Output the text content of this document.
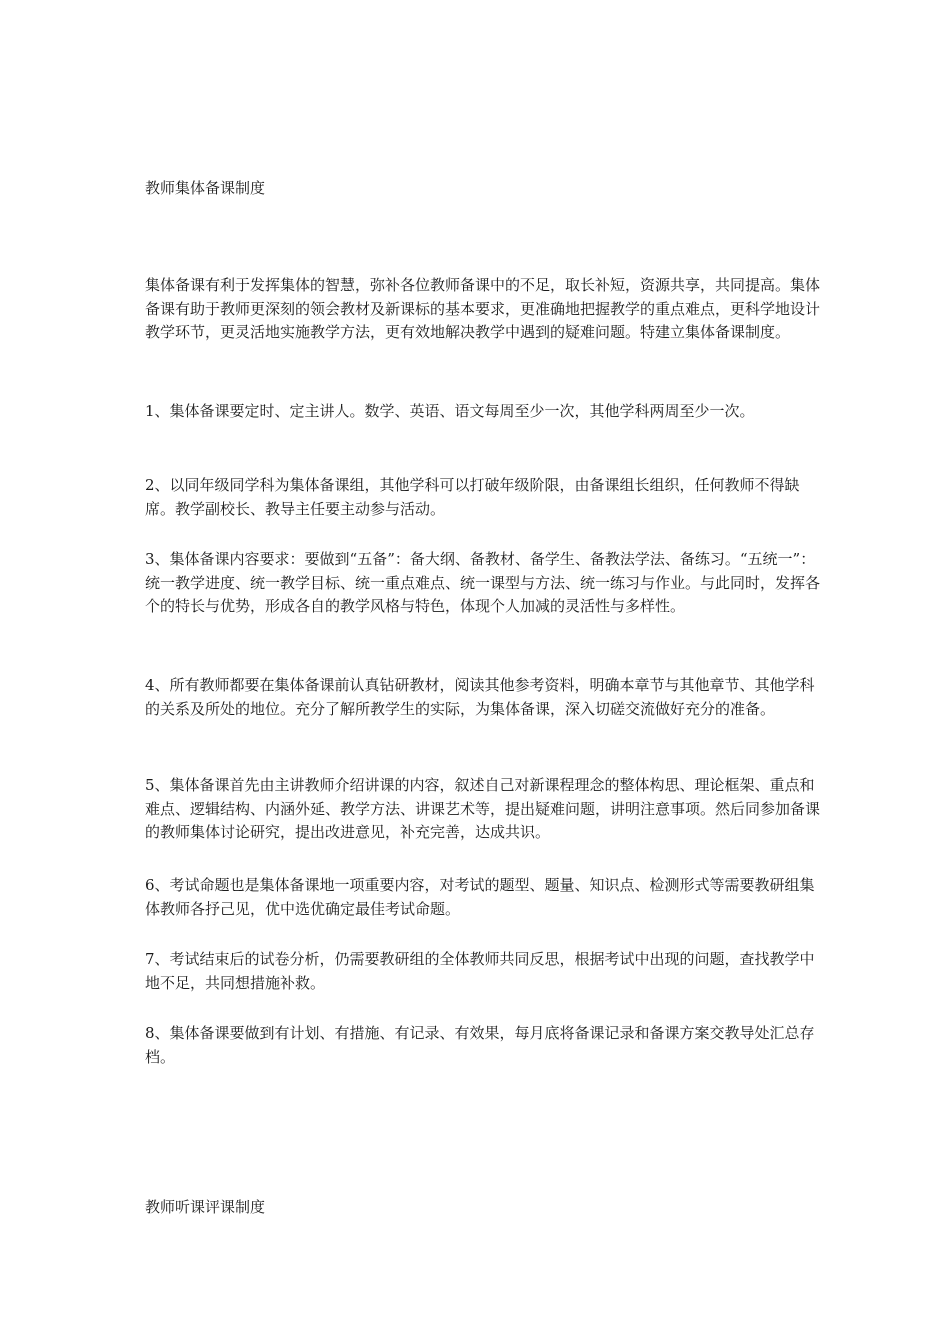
教师集体备课制度

集体备课有利于发挥集体的智慧，弥补各位教师备课中的不足，取长补短，资源共享，共同提高。集体备课有助于教师更深刻的领会教材及新课标的基本要求，更准确地把握教学的重点难点，更科学地设计教学环节，更灵活地实施教学方法，更有效地解决教学中遇到的疑难问题。特建立集体备课制度。

1、集体备课要定时、定主讲人。数学、英语、语文每周至少一次，其他学科两周至少一次。

2、以同年级同学科为集体备课组，其他学科可以打破年级阶限，由备课组长组织，任何教师不得缺席。教学副校长、教导主任要主动参与活动。

3、集体备课内容要求：要做到“五备”：备大纲、备教材、备学生、备教法学法、备练习。“五统一”：统一教学进度、统一教学目标、统一重点难点、统一课型与方法、统一练习与作业。与此同时，发挥各个的特长与优势，形成各自的教学风格与特色，体现个人加减的灵活性与多样性。

4、所有教师都要在集体备课前认真钻研教材，阅读其他参考资料，明确本章节与其他章节、其他学科的关系及所处的地位。充分了解所教学生的实际，为集体备课，深入切磋交流做好充分的准备。

5、集体备课首先由主讲教师介绍讲课的内容，叙述自己对新课程理念的整体构思、理论框架、重点和难点、逻辑结构、内涵外延、教学方法、讲课艺术等，提出疑难问题，讲明注意事项。然后同参加备课的教师集体讨论研究，提出改进意见，补充完善，达成共识。

6、考试命题也是集体备课地一项重要内容，对考试的题型、题量、知识点、检测形式等需要教研组集体教师各抒己见，优中选优确定最佳考试命题。

7、考试结束后的试卷分析，仍需要教研组的全体教师共同反思，根据考试中出现的问题，查找教学中地不足，共同想措施补救。

8、集体备课要做到有计划、有措施、有记录、有效果，每月底将备课记录和备课方案交教导处汇总存档。

教师听课评课制度
